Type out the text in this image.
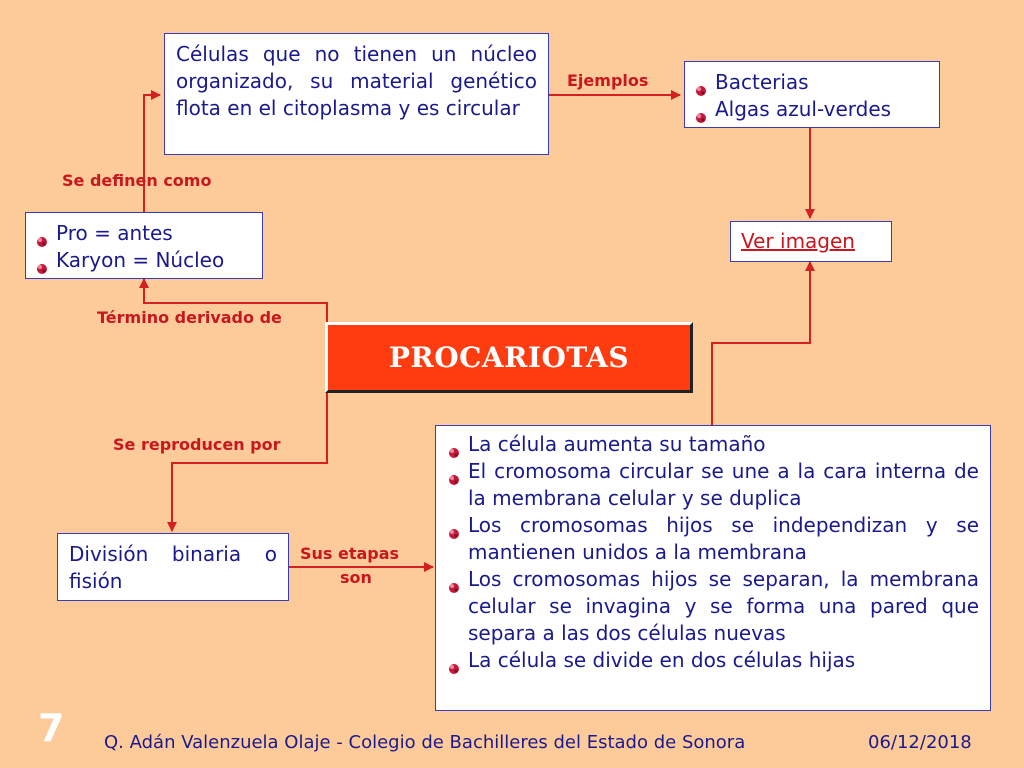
Células que no tienen un núcleo organizado, su material genético flota en el citoplasma y es circular
Bacterias
Algas azul-verdes
Pro = antes
Karyon = Núcleo
Ver imagen
PROCARIOTAS
División binaria o fisión
La célula aumenta su tamaño
El cromosoma circular se une a la cara interna de la membrana celular y se duplica
Los cromosomas hijos se independizan y se mantienen unidos a la membrana
Los cromosomas hijos se separan, la membrana celular se invagina y se forma una pared que separa a las dos células nuevas
La célula se divide en dos células hijas
Se definen como
Ejemplos
Término derivado de
Se reproducen por
Sus etapas
son
7 Q. Adán Valenzuela Olaje - Colegio de Bachilleres del Estado de Sonora	06/12/2018
